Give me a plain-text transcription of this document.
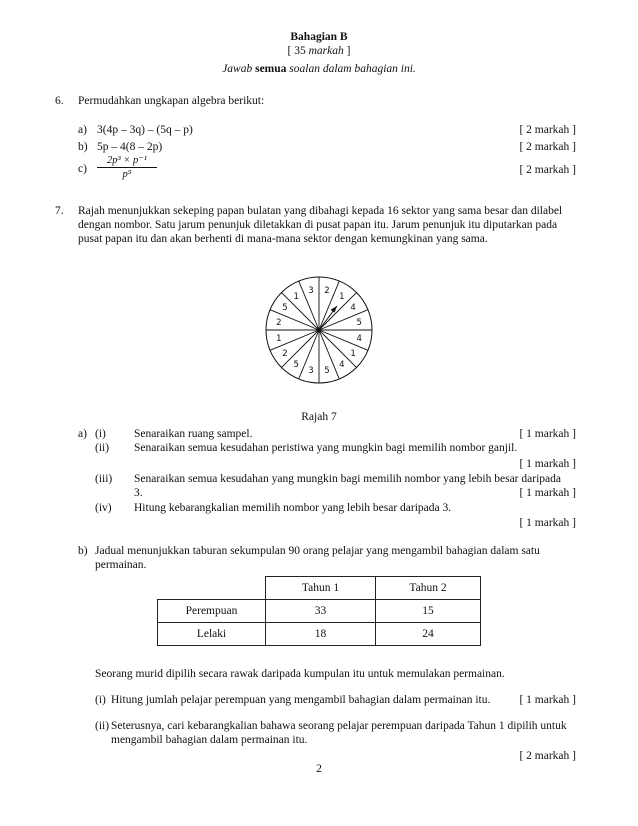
Bahagian B
[ 35 markah ]
Jawab semua soalan dalam bahagian ini.
6. Permudahkan ungkapan algebra berikut:
a) 3(4p – 3q) – (5q – p)	[ 2 markah ]
b) 5p – 4(8 – 2p)	[ 2 markah ]
$c) \frac{\text{2p³ × p⁻¹}}{\text{p⁵}}$	[ 2 markah ]
7. Rajah menunjukkan sekeping papan bulatan yang dibahagi kepada 16 sektor yang sama besar dan dilabel
dengan nombor. Satu jarum penunjuk diletakkan di pusat papan itu. Jarum penunjuk itu diputarkan pada
pusat papan itu dan akan berhenti di mana-mana sektor dengan kemungkinan yang sama.
2
1
4
5
4
1
4
5
3
5
2
1
2
5
1
3
Rajah 7
a) (i) Senaraikan ruang sampel.	[ 1 markah ]
(ii) Senaraikan semua kesudahan peristiwa yang mungkin bagi memilih nombor ganjil.
[ 1 markah ]
(iii) Senaraikan semua kesudahan yang mungkin bagi memilih nombor yang lebih besar daripada
3.	[ 1 markah ]
(iv) Hitung kebarangkalian memilih nombor yang lebih besar daripada 3.
[ 1 markah ]
b) Jadual menunjukkan taburan sekumpulan 90 orang pelajar yang mengambil bahagian dalam satu
permainan.
	Tahun 1	Tahun 2
Perempuan	33	15
Lelaki	18	24
Seorang murid dipilih secara rawak daripada kumpulan itu untuk memulakan permainan.
(i) Hitung jumlah pelajar perempuan yang mengambil bahagian dalam permainan itu.	[ 1 markah ]
(ii) Seterusnya, cari kebarangkalian bahawa seorang pelajar perempuan daripada Tahun 1 dipilih untuk
mengambil bahagian dalam permainan itu.
[ 2 markah ]
2
